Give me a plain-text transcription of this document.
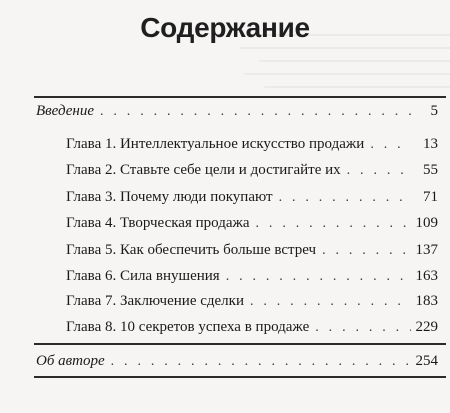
Содержание
Введение . . .	5
Глава 1. Интеллектуальное искусство продажи . . .	13
Глава 2. Ставьте себе цели и достигайте их . . .	55
Глава 3. Почему люди покупают . . .	71
Глава 4. Творческая продажа . . .	109
Глава 5. Как обеспечить больше встреч . . .	137
Глава 6. Сила внушения . . .	163
Глава 7. Заключение сделки . . .	183
Глава 8. 10 секретов успеха в продаже . . .	229
Об авторе . . .	254
